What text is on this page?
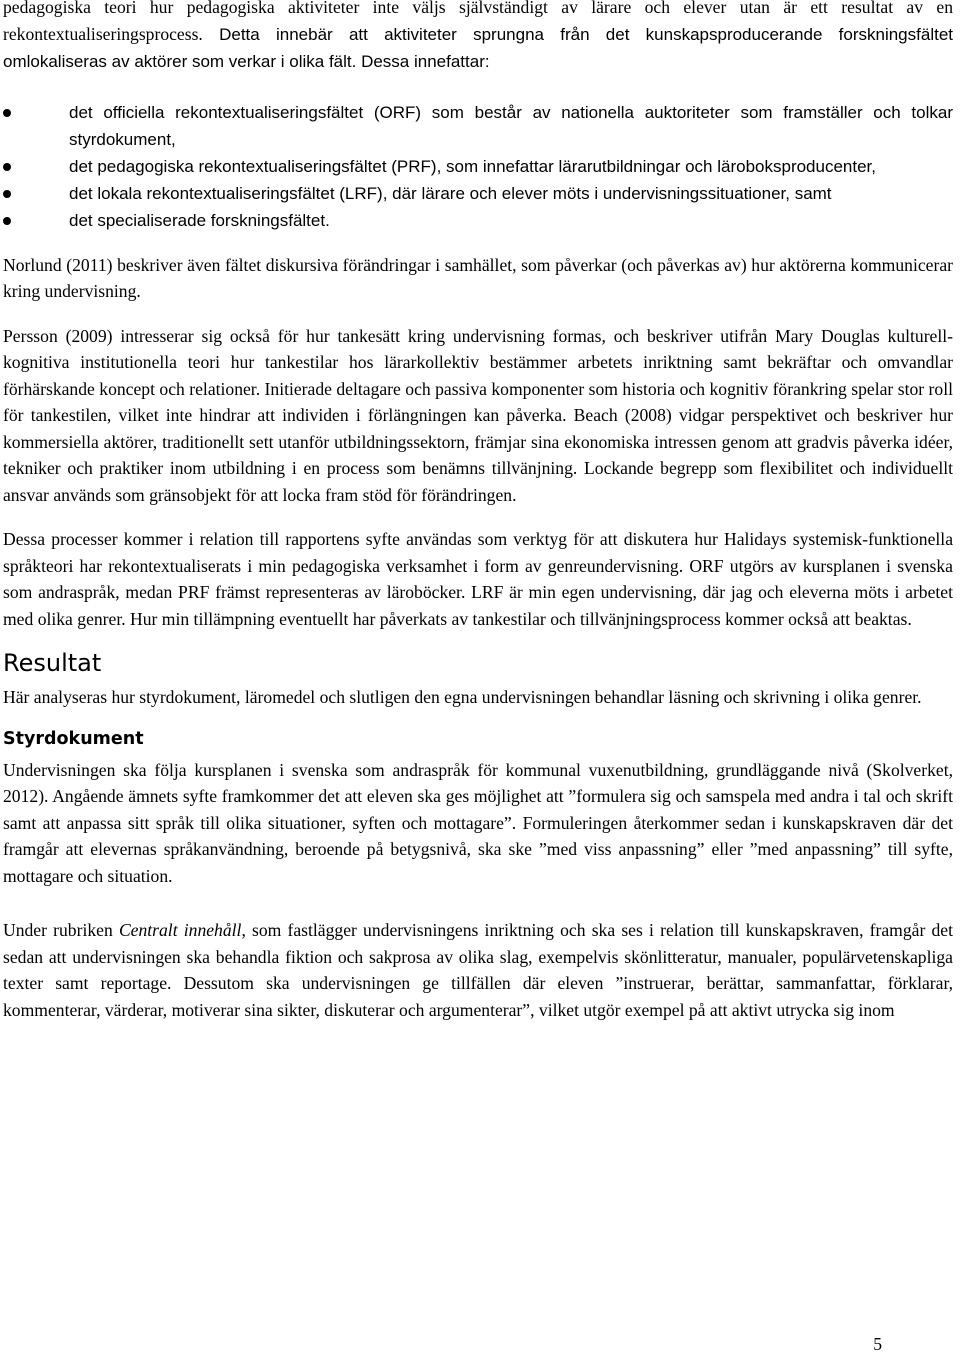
pedagogiska teori hur pedagogiska aktiviteter inte väljs självständigt av lärare och elever utan är ett resultat av en rekontextualiseringsprocess. Detta innebär att aktiviteter sprungna från det kunskapsproducerande forskningsfältet omlokaliseras av aktörer som verkar i olika fält. Dessa innefattar:

det officiella rekontextualiseringsfältet (ORF) som består av nationella auktoriteter som framställer och tolkar styrdokument,
det pedagogiska rekontextualiseringsfältet (PRF), som innefattar lärarutbildningar och läroboksproducenter,
det lokala rekontextualiseringsfältet (LRF), där lärare och elever möts i undervisningssituationer, samt
det specialiserade forskningsfältet.

Norlund (2011) beskriver även fältet diskursiva förändringar i samhället, som påverkar (och påverkas av) hur aktörerna kommunicerar kring undervisning.

Persson (2009) intresserar sig också för hur tankesätt kring undervisning formas, och beskriver utifrån Mary Douglas kulturell-kognitiva institutionella teori hur tankestilar hos lärarkollektiv bestämmer arbetets inriktning samt bekräftar och omvandlar förhärskande koncept och relationer. Initierade deltagare och passiva komponenter som historia och kognitiv förankring spelar stor roll för tankestilen, vilket inte hindrar att individen i förlängningen kan påverka. Beach (2008) vidgar perspektivet och beskriver hur kommersiella aktörer, traditionellt sett utanför utbildningssektorn, främjar sina ekonomiska intressen genom att gradvis påverka idéer, tekniker och praktiker inom utbildning i en process som benämns tillvänjning. Lockande begrepp som flexibilitet och individuellt ansvar används som gränsobjekt för att locka fram stöd för förändringen.

Dessa processer kommer i relation till rapportens syfte användas som verktyg för att diskutera hur Halidays systemisk-funktionella språkteori har rekontextualiserats i min pedagogiska verksamhet i form av genreundervisning. ORF utgörs av kursplanen i svenska som andraspråk, medan PRF främst representeras av läroböcker. LRF är min egen undervisning, där jag och eleverna möts i arbetet med olika genrer. Hur min tillämpning eventuellt har påverkats av tankestilar och tillvänjningsprocess kommer också att beaktas.

Resultat

Här analyseras hur styrdokument, läromedel och slutligen den egna undervisningen behandlar läsning och skrivning i olika genrer.

Styrdokument

Undervisningen ska följa kursplanen i svenska som andraspråk för kommunal vuxenutbildning, grundläggande nivå (Skolverket, 2012). Angående ämnets syfte framkommer det att eleven ska ges möjlighet att ”formulera sig och samspela med andra i tal och skrift samt att anpassa sitt språk till olika situationer, syften och mottagare”. Formuleringen återkommer sedan i kunskapskraven där det framgår att elevernas språkanvändning, beroende på betygsnivå, ska ske ”med viss anpassning” eller ”med anpassning” till syfte, mottagare och situation.

Under rubriken Centralt innehåll, som fastlägger undervisningens inriktning och ska ses i relation till kunskapskraven, framgår det sedan att undervisningen ska behandla fiktion och sakprosa av olika slag, exempelvis skönlitteratur, manualer, populärvetenskapliga texter samt reportage. Dessutom ska undervisningen ge tillfällen där eleven ”instruerar, berättar, sammanfattar, förklarar, kommenterar, värderar, motiverar sina sikter, diskuterar och argumenterar”, vilket utgör exempel på att aktivt utrycka sig inom

5
